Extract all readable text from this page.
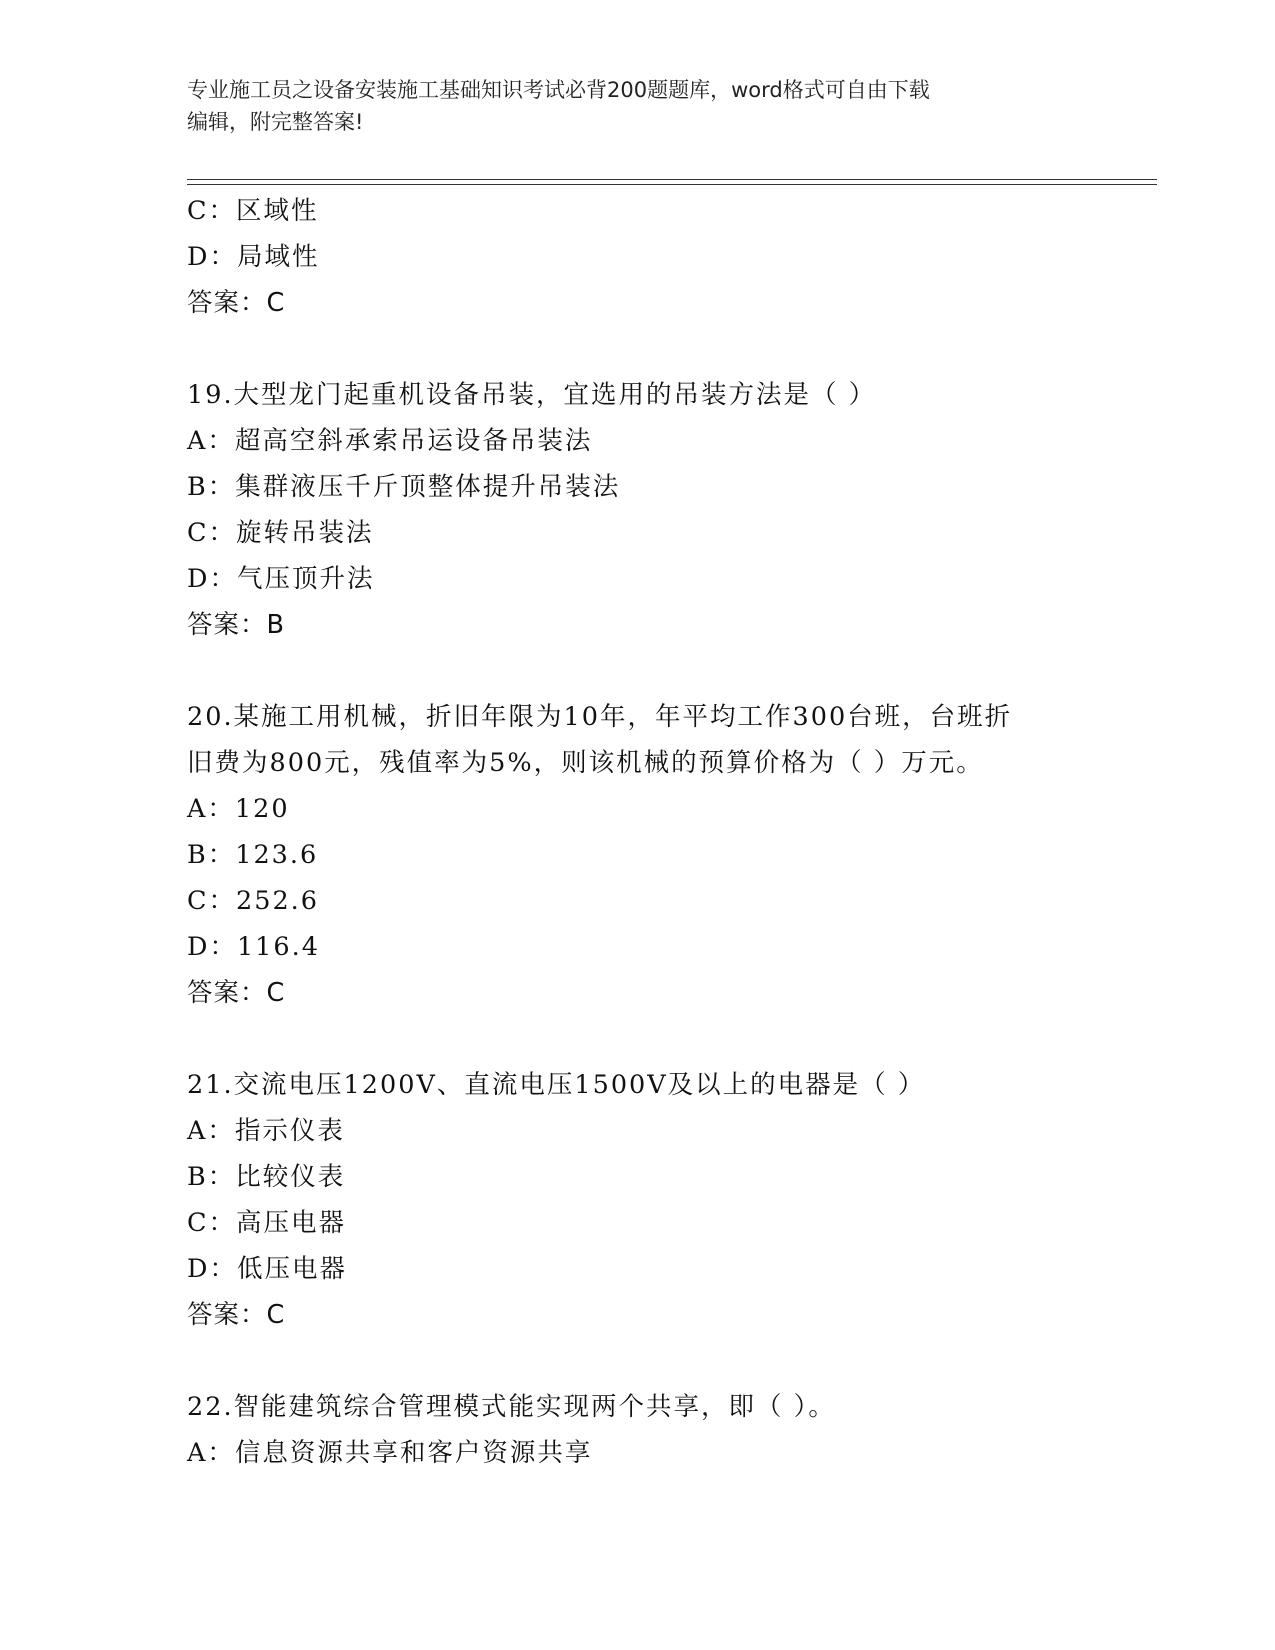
专业施工员之设备安装施工基础知识考试必背200题题库，word格式可自由下载
编辑，附完整答案!
C：区域性
D：局域性
答案：C
19.大型龙门起重机设备吊装，宜选用的吊装方法是（ ）
A：超高空斜承索吊运设备吊装法
B：集群液压千斤顶整体提升吊装法
C：旋转吊装法
D：气压顶升法
答案：B
20.某施工用机械，折旧年限为10年，年平均工作300台班，台班折
旧费为800元，残值率为5%，则该机械的预算价格为（ ）万元。
A：120
B：123.6
C：252.6
D：116.4
答案：C
21.交流电压1200V、直流电压1500V及以上的电器是（ ）
A：指示仪表
B：比较仪表
C：高压电器
D：低压电器
答案：C
22.智能建筑综合管理模式能实现两个共享，即（ ）。
A：信息资源共享和客户资源共享
